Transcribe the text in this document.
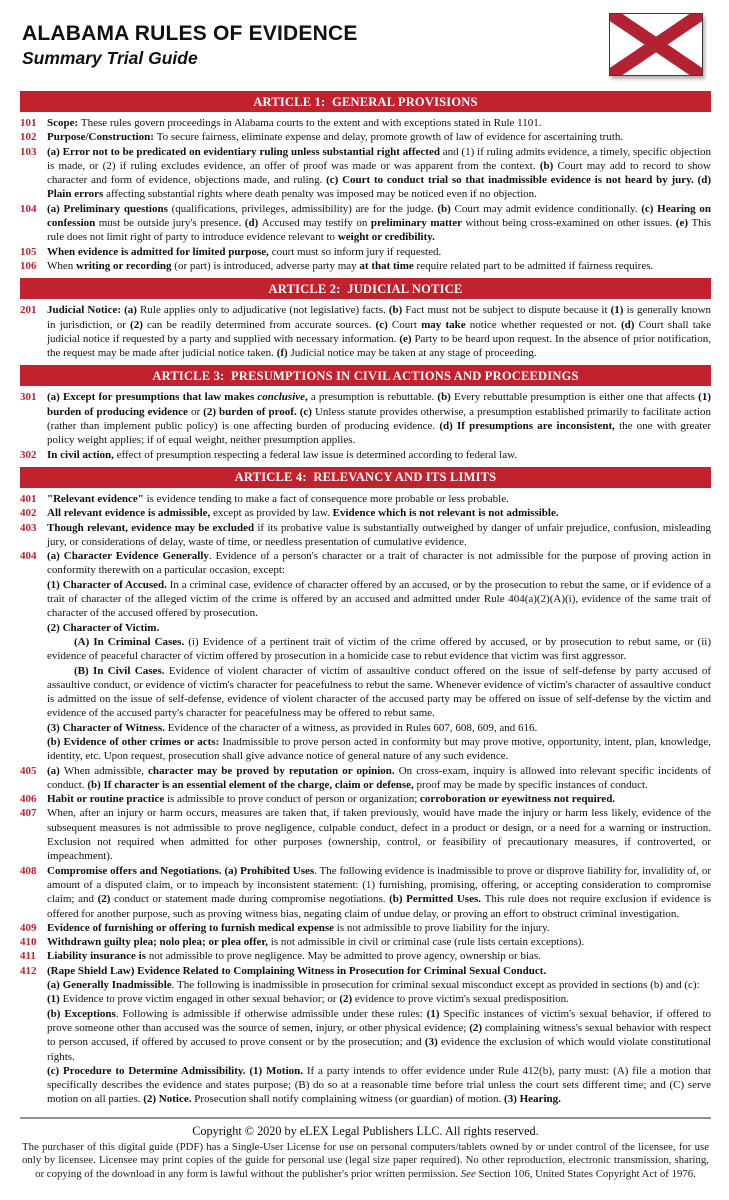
ALABAMA RULES OF EVIDENCE
Summary Trial Guide
ARTICLE 1:  GENERAL PROVISIONS
101 Scope: These rules govern proceedings in Alabama courts to the extent and with exceptions stated in Rule 1101.
102 Purpose/Construction: To secure fairness, eliminate expense and delay, promote growth of law of evidence for ascertaining truth.
103 (a) Error not to be predicated on evidentiary ruling unless substantial right affected and (1) if ruling admits evidence, a timely, specific objection is made, or (2) if ruling excludes evidence, an offer of proof was made or was apparent from the context. (b) Court may add to record to show character and form of evidence, objections made, and ruling. (c) Court to conduct trial so that inadmissible evidence is not heard by jury. (d) Plain errors affecting substantial rights where death penalty was imposed may be noticed even if no objection.
104 (a) Preliminary questions (qualifications, privileges, admissibility) are for the judge. (b) Court may admit evidence conditionally. (c) Hearing on confession must be outside jury's presence. (d) Accused may testify on preliminary matter without being cross-examined on other issues. (e) This rule does not limit right of party to introduce evidence relevant to weight or credibility.
105 When evidence is admitted for limited purpose, court must so inform jury if requested.
106 When writing or recording (or part) is introduced, adverse party may at that time require related part to be admitted if fairness requires.
ARTICLE 2:  JUDICIAL NOTICE
201 Judicial Notice: (a) Rule applies only to adjudicative (not legislative) facts. (b) Fact must not be subject to dispute because it (1) is generally known in jurisdiction, or (2) can be readily determined from accurate sources. (c) Court may take notice whether requested or not. (d) Court shall take judicial notice if requested by a party and supplied with necessary information. (e) Party to be heard upon request. In the absence of prior notification, the request may be made after judicial notice taken. (f) Judicial notice may be taken at any stage of proceeding.
ARTICLE 3:  PRESUMPTIONS IN CIVIL ACTIONS AND PROCEEDINGS
301 (a) Except for presumptions that law makes conclusive, a presumption is rebuttable. (b) Every rebuttable presumption is either one that affects (1) burden of producing evidence or (2) burden of proof. (c) Unless statute provides otherwise, a presumption established primarily to facilitate action (rather than implement public policy) is one affecting burden of producing evidence. (d) If presumptions are inconsistent, the one with greater policy weight applies; if of equal weight, neither presumption applies.
302 In civil action, effect of presumption respecting a federal law issue is determined according to federal law.
ARTICLE 4:  RELEVANCY AND ITS LIMITS
401 "Relevant evidence" is evidence tending to make a fact of consequence more probable or less probable.
402 All relevant evidence is admissible, except as provided by law. Evidence which is not relevant is not admissible.
403 Though relevant, evidence may be excluded if its probative value is substantially outweighed by danger of unfair prejudice, confusion, misleading jury, or considerations of delay, waste of time, or needless presentation of cumulative evidence.
404 (a) Character Evidence Generally. Evidence of a person's character or a trait of character is not admissible for the purpose of proving action in conformity therewith on a particular occasion, except:
(1) Character of Accused. In a criminal case, evidence of character offered by an accused, or by the prosecution to rebut the same, or if evidence of a trait of character of the alleged victim of the crime is offered by an accused and admitted under Rule 404(a)(2)(A)(i), evidence of the same trait of character of the accused offered by prosecution.
(2) Character of Victim.
(A) In Criminal Cases. (i) Evidence of a pertinent trait of victim of the crime offered by accused, or by prosecution to rebut same, or (ii) evidence of peaceful character of victim offered by prosecution in a homicide case to rebut evidence that victim was first aggressor.
(B) In Civil Cases. Evidence of violent character of victim of assaultive conduct offered on the issue of self-defense by party accused of assaultive conduct, or evidence of victim's character for peacefulness to rebut the same. Whenever evidence of victim's character of assaultive conduct is admitted on the issue of self-defense, evidence of violent character of the accused party may be offered on issue of self-defense by the victim and evidence of the accused party's character for peacefulness may be offered to rebut same.
(3) Character of Witness. Evidence of the character of a witness, as provided in Rules 607, 608, 609, and 616.
(b) Evidence of other crimes or acts: Inadmissible to prove person acted in conformity but may prove motive, opportunity, intent, plan, knowledge, identity, etc. Upon request, prosecution shall give advance notice of general nature of any such evidence.
405 (a) When admissible, character may be proved by reputation or opinion. On cross-exam, inquiry is allowed into relevant specific incidents of conduct. (b) If character is an essential element of the charge, claim or defense, proof may be made by specific instances of conduct.
406 Habit or routine practice is admissible to prove conduct of person or organization; corroboration or eyewitness not required.
407 When, after an injury or harm occurs, measures are taken that, if taken previously, would have made the injury or harm less likely, evidence of the subsequent measures is not admissible to prove negligence, culpable conduct, defect in a product or design, or a need for a warning or instruction. Exclusion not required when admitted for other purposes (ownership, control, or feasibility of precautionary measures, if controverted, or impeachment).
408 Compromise offers and Negotiations. (a) Prohibited Uses. The following evidence is inadmissible to prove or disprove liability for, invalidity of, or amount of a disputed claim, or to impeach by inconsistent statement: (1) furnishing, promising, offering, or accepting consideration to compromise claim; and (2) conduct or statement made during compromise negotiations. (b) Permitted Uses. This rule does not require exclusion if evidence is offered for another purpose, such as proving witness bias, negating claim of undue delay, or proving an effort to obstruct criminal investigation.
409 Evidence of furnishing or offering to furnish medical expense is not admissible to prove liability for the injury.
410 Withdrawn guilty plea; nolo plea; or plea offer, is not admissible in civil or criminal case (rule lists certain exceptions).
411	Liability insurance is not admissible to prove negligence. May be admitted to prove agency, ownership or bias.
412 (Rape Shield Law) Evidence Related to Complaining Witness in Prosecution for Criminal Sexual Conduct.
(a) Generally Inadmissible. The following is inadmissible in prosecution for criminal sexual misconduct except as provided in sections (b) and (c):
(1) Evidence to prove victim engaged in other sexual behavior; or (2) evidence to prove victim's sexual predisposition.
(b) Exceptions. Following is admissible if otherwise admissible under these rules: (1) Specific instances of victim's sexual behavior, if offered to prove someone other than accused was the source of semen, injury, or other physical evidence; (2) complaining witness's sexual behavior with respect to person accused, if offered by accused to prove consent or by the prosecution; and (3) evidence the exclusion of which would violate constitutional rights.
(c) Procedure to Determine Admissibility. (1) Motion. If a party intends to offer evidence under Rule 412(b), party must: (A) file a motion that specifically describes the evidence and states purpose; (B) do so at a reasonable time before trial unless the court sets different time; and (C) serve motion on all parties. (2) Notice. Prosecution shall notify complaining witness (or guardian) of motion. (3) Hearing.
Copyright © 2020 by eLEX Legal Publishers LLC. All rights reserved.
The purchaser of this digital guide (PDF) has a Single-User License for use on personal computers/tablets owned by or under control of the licensee, for use only by licensee. Licensee may print copies of the guide for personal use (legal size paper required). No other reproduction, electronic transmission, sharing, or copying of the download in any form is lawful without the publisher's prior written permission. See Section 106, United States Copyright Act of 1976.
